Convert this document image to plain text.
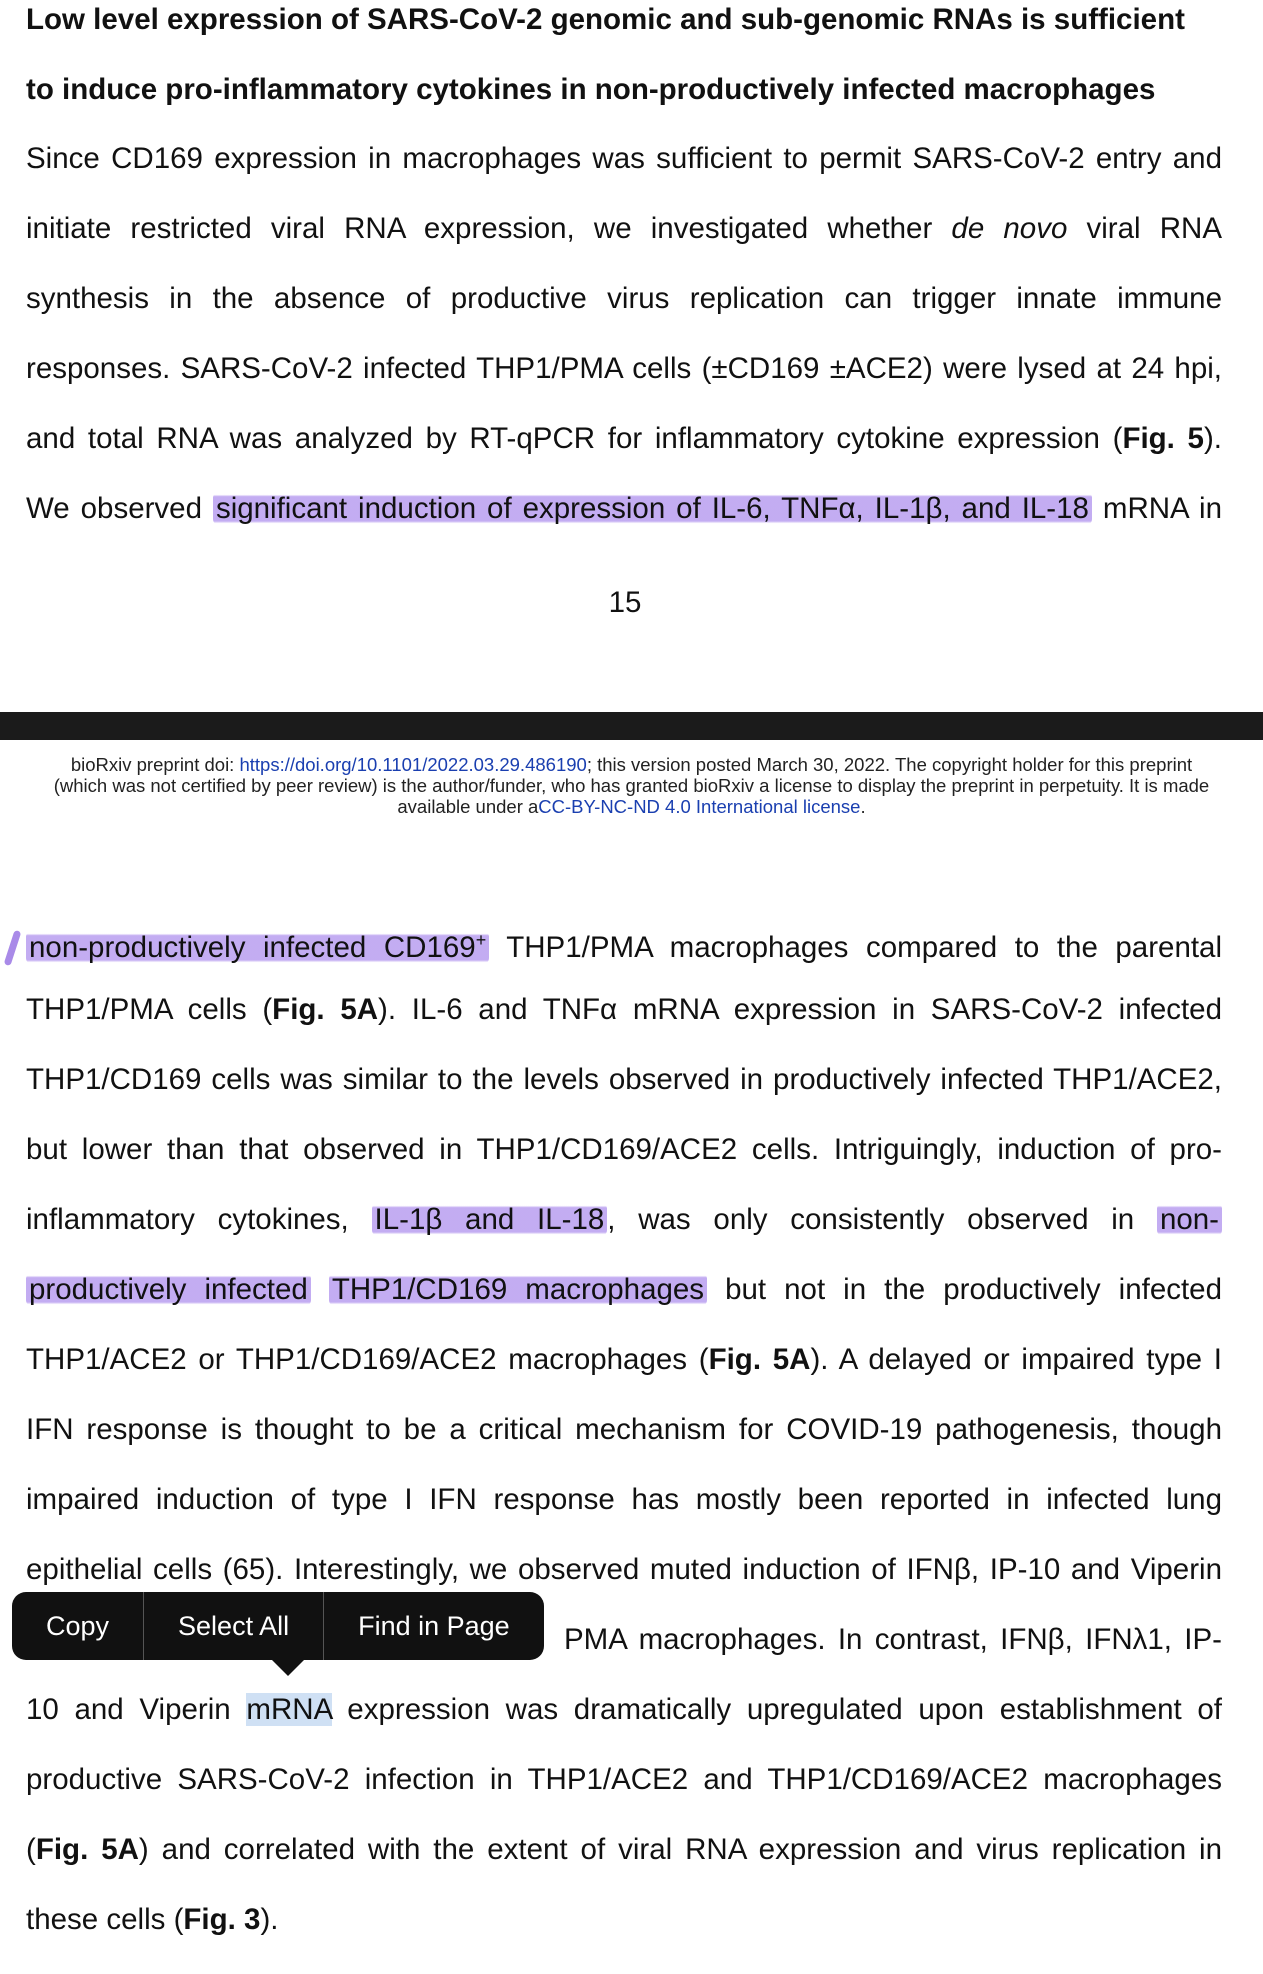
Low level expression of SARS-CoV-2 genomic and sub-genomic RNAs is sufficient
to induce pro-inflammatory cytokines in non-productively infected macrophages
Since CD169 expression in macrophages was sufficient to permit SARS-CoV-2 entry and
initiate restricted viral RNA expression, we investigated whether de novo viral RNA
synthesis in the absence of productive virus replication can trigger innate immune
responses. SARS-CoV-2 infected THP1/PMA cells (±CD169 ±ACE2) were lysed at 24 hpi,
and total RNA was analyzed by RT-qPCR for inflammatory cytokine expression (Fig. 5).
We observed significant induction of expression of IL-6, TNFα, IL-1β, and IL-18 mRNA in
15
bioRxiv preprint doi: https://doi.org/10.1101/2022.03.29.486190; this version posted March 30, 2022. The copyright holder for this preprint
(which was not certified by peer review) is the author/funder, who has granted bioRxiv a license to display the preprint in perpetuity. It is made
available under aCC-BY-NC-ND 4.0 International license.
non-productively infected CD169+ THP1/PMA macrophages compared to the parental
THP1/PMA cells (Fig. 5A). IL-6 and TNFα mRNA expression in SARS-CoV-2 infected
THP1/CD169 cells was similar to the levels observed in productively infected THP1/ACE2,
but lower than that observed in THP1/CD169/ACE2 cells. Intriguingly, induction of pro-
inflammatory cytokines, IL-1β and IL-18 , was only consistently observed in non-
productively infected THP1/CD169 macrophages but not in the productively infected
THP1/ACE2 or THP1/CD169/ACE2 macrophages (Fig. 5A). A delayed or impaired type I
IFN response is thought to be a critical mechanism for COVID-19 pathogenesis, though
impaired induction of type I IFN response has mostly been reported in infected lung
epithelial cells (65). Interestingly, we observed muted induction of IFNβ, IP-10 and Viperin
PMA macrophages. In contrast, IFNβ, IFNλ1, IP-
10 and Viperin mRNA expression was dramatically upregulated upon establishment of
productive SARS-CoV-2 infection in THP1/ACE2 and THP1/CD169/ACE2 macrophages
(Fig. 5A) and correlated with the extent of viral RNA expression and virus replication in
these cells (Fig. 3).
Copy	Select All	Find in Page
